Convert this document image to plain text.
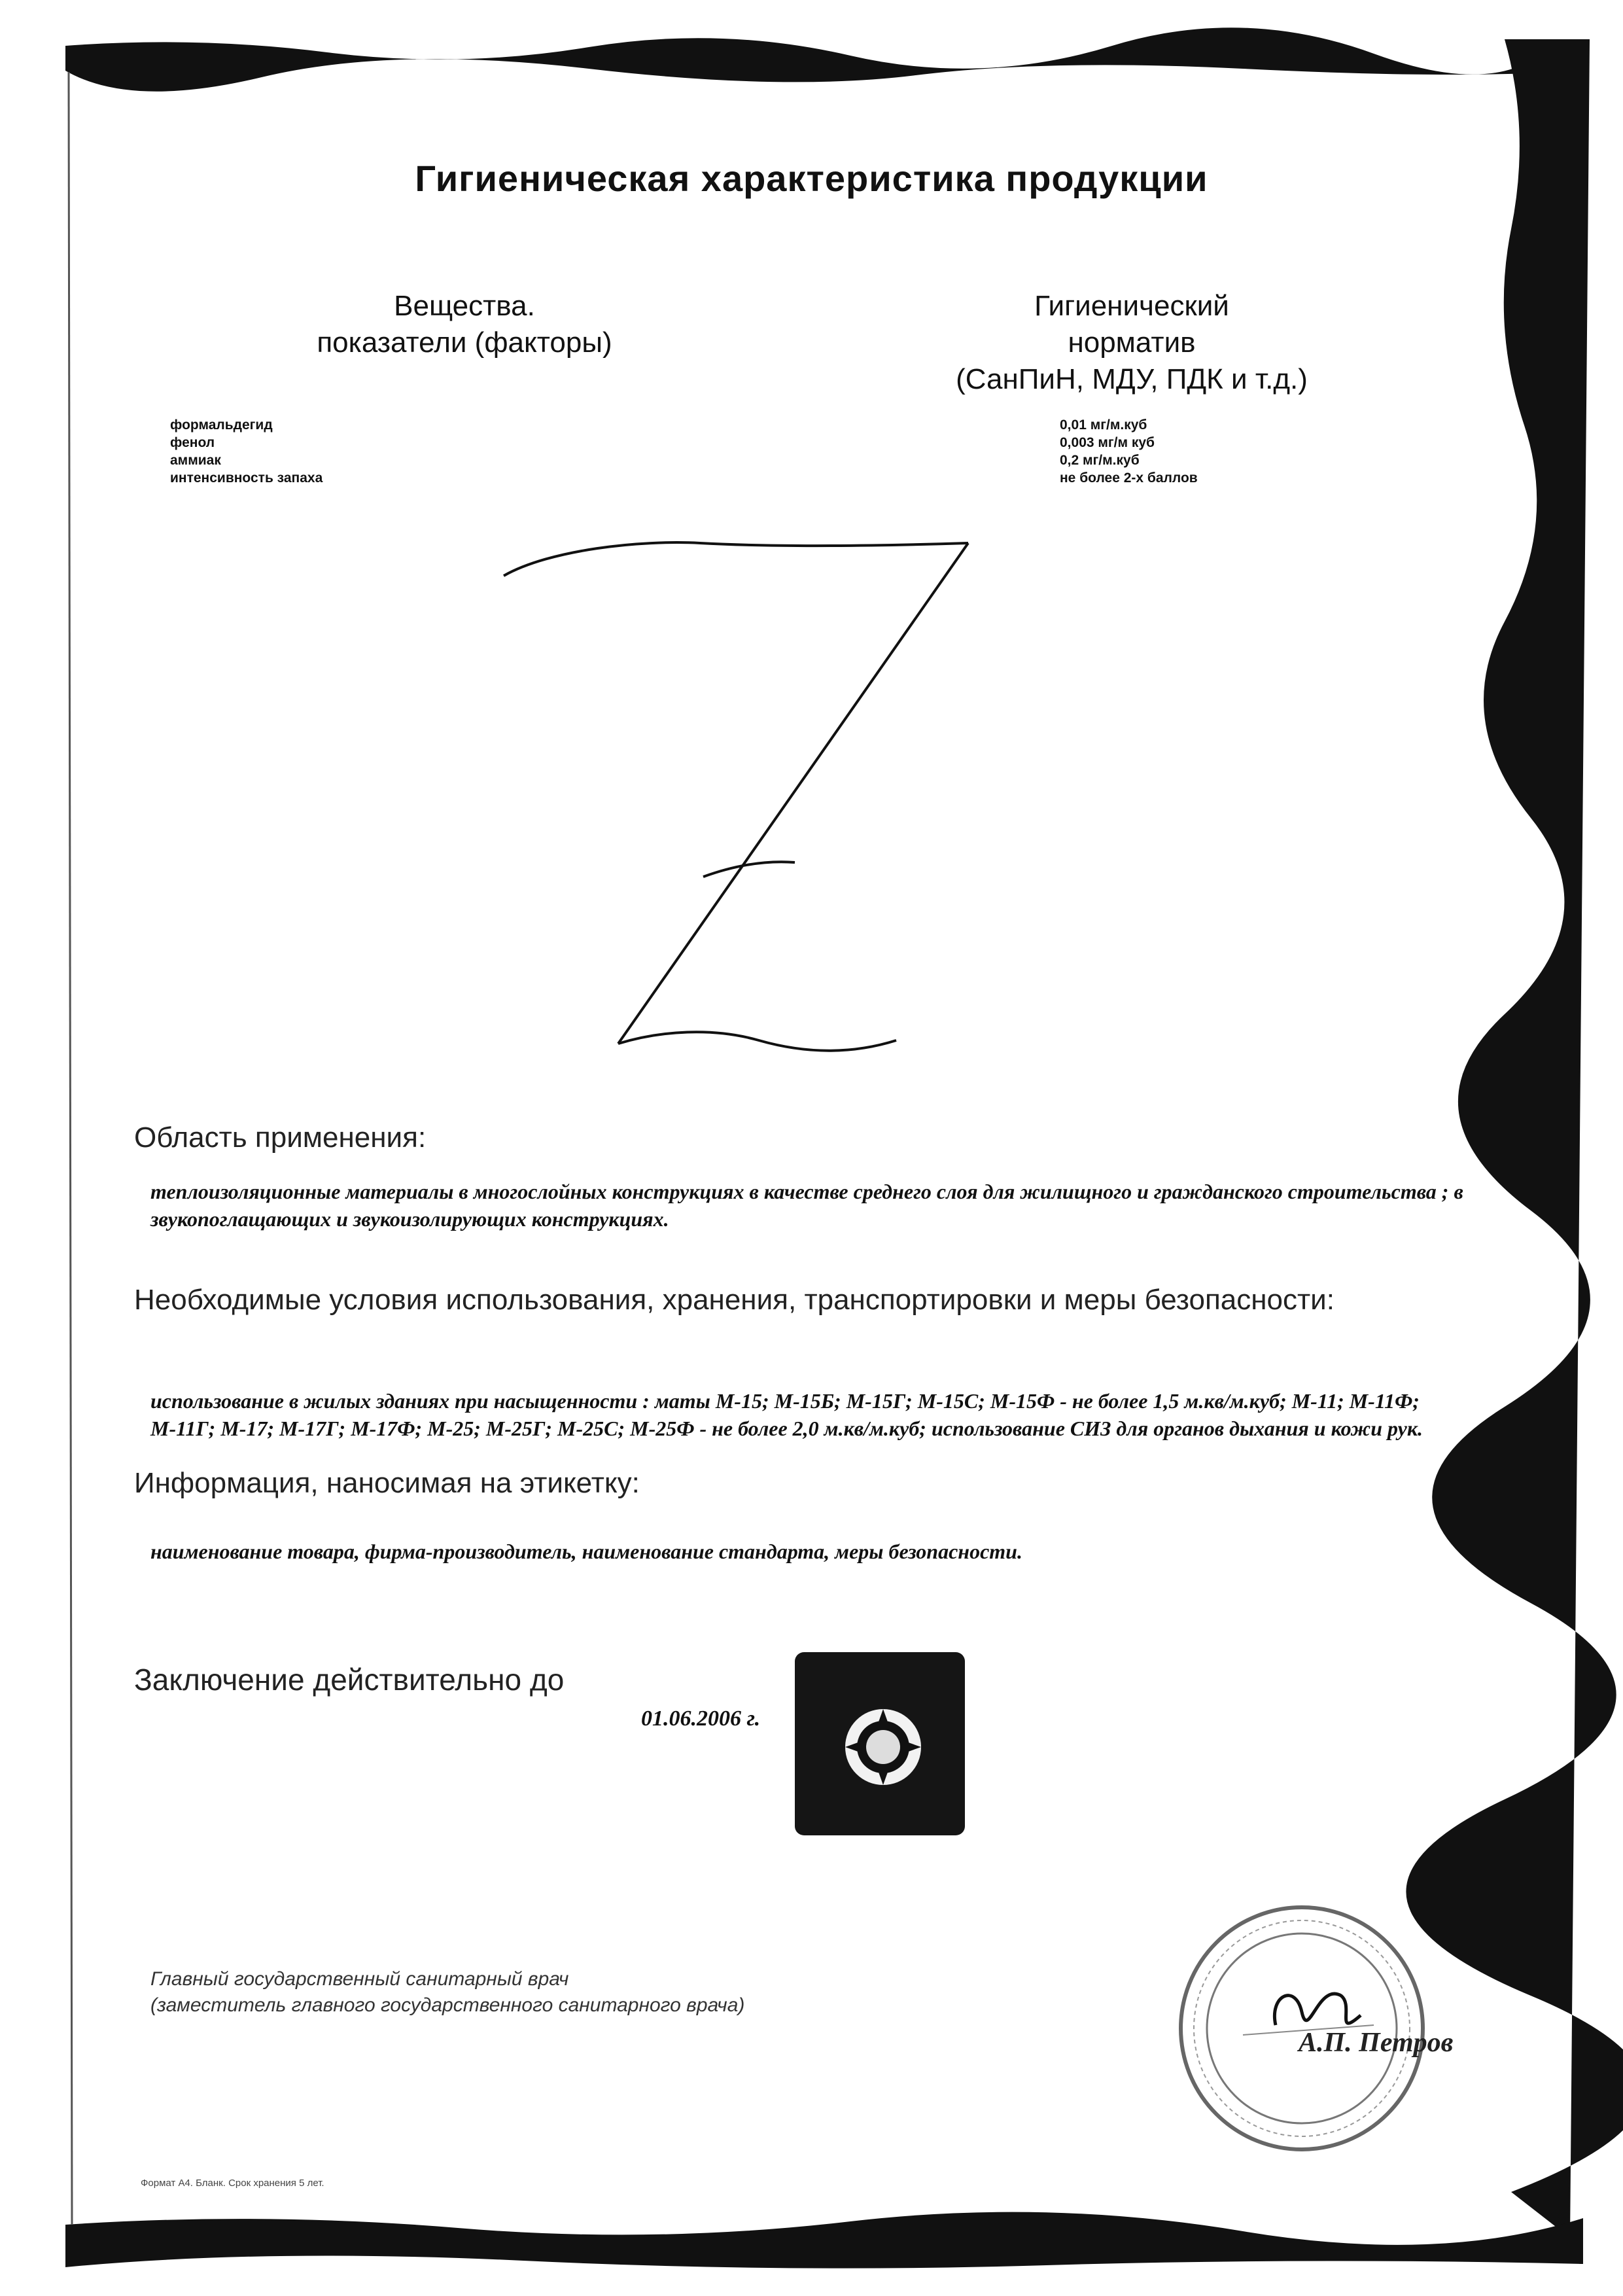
Гигиеническая характеристика продукции
Вещества.
показатели (факторы)
Гигиенический
норматив
(СанПиН, МДУ, ПДК и т.д.)
формальдегид
фенол
аммиак
интенсивность запаха
0,01 мг/м.куб
0,003 мг/м куб
0,2 мг/м.куб
не более 2-х баллов
Область применения:
теплоизоляционные материалы в многослойных конструкциях в качестве среднего слоя для жилищного и гражданского строительства ; в звукопоглащающих и звукоизолирующих конструкциях.
Необходимые условия использования, хранения, транспортировки и меры безопасности:
использование в жилых зданиях при насыщенности : маты М-15; М-15Б; М-15Г; М-15С; М-15Ф - не более 1,5 м.кв/м.куб; М-11; М-11Ф; М-11Г; М-17; М-17Г; М-17Ф; М-25; М-25Г; М-25С; М-25Ф - не более 2,0 м.кв/м.куб; использование СИЗ для органов дыхания и кожи рук.
Информация, наносимая на этикетку:
наименование товара, фирма-производитель, наименование стандарта, меры безопасности.
Заключение действительно до
01.06.2006 г.
А.П. Петров
Главный государственный санитарный врач
(заместитель главного государственного санитарного врача)
Формат А4. Бланк. Срок хранения 5 лет.
